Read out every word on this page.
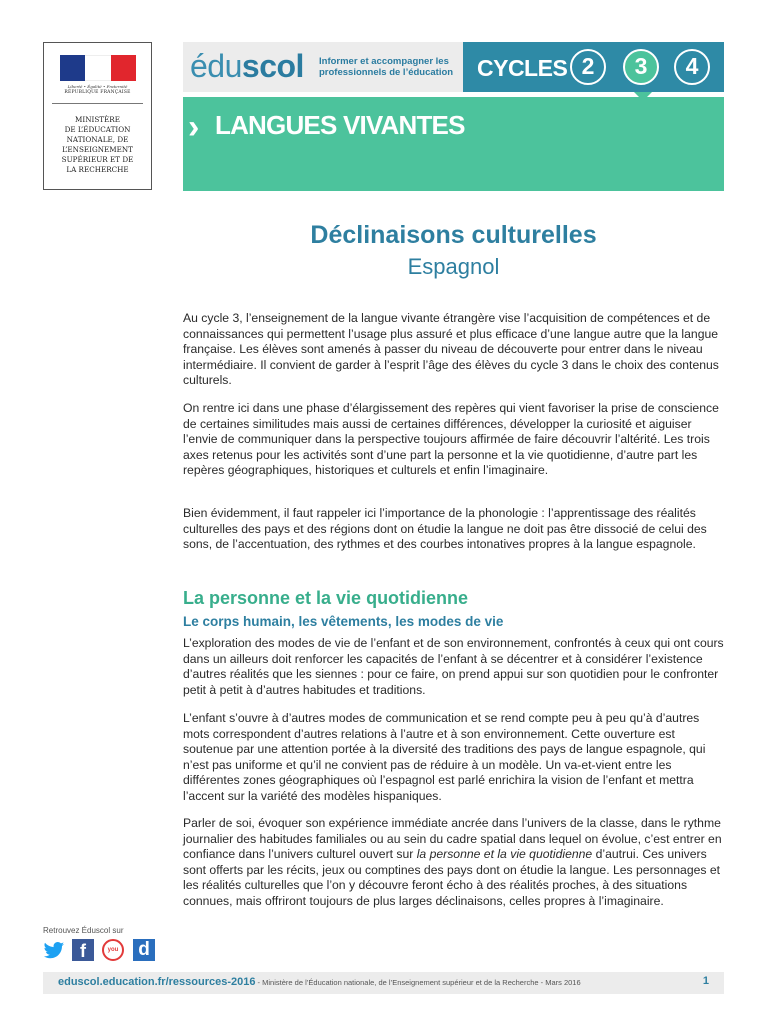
Liberté • Égalité • Fraternité
RÉPUBLIQUE FRANÇAISE
MINISTÈRE
DE L’ÉDUCATION
NATIONALE, DE
L’ENSEIGNEMENT
SUPÉRIEUR ET DE
LA RECHERCHE
éduscol Informer et accompagner les professionnels de l’éducation CYCLES 2	3	4
› LANGUES VIVANTES
Déclinaisons culturelles
Espagnol

Au cycle 3, l’enseignement de la langue vivante étrangère vise l’acquisition de compétences et de connaissances qui permettent l’usage plus assuré et plus efficace d’une langue autre que la langue française. Les élèves sont amenés à passer du niveau de découverte pour entrer dans le niveau intermédiaire. Il convient de garder à l’esprit l’âge des élèves du cycle 3 dans le choix des contenus culturels.

On rentre ici dans une phase d’élargissement des repères qui vient favoriser la prise de conscience de certaines similitudes mais aussi de certaines différences, développer la curiosité et aiguiser l’envie de communiquer dans la perspective toujours affirmée de faire découvrir l’altérité. Les trois axes retenus pour les activités sont d’une part la personne et la vie quotidienne, d’autre part les repères géographiques, historiques et culturels et enfin l’imaginaire.

Bien évidemment, il faut rappeler ici l’importance de la phonologie : l’apprentissage des réalités culturelles des pays et des régions dont on étudie la langue ne doit pas être dissocié de celui des sons, de l’accentuation, des rythmes et des courbes intonatives propres à la langue espagnole.

La personne et la vie quotidienne
Le corps humain, les vêtements, les modes de vie

L’exploration des modes de vie de l’enfant et de son environnement, confrontés à ceux qui ont cours dans un ailleurs doit renforcer les capacités de l’enfant à se décentrer et à considérer l’existence d’autres réalités que les siennes : pour ce faire, on prend appui sur son quotidien pour le confronter petit à petit à d’autres habitudes et traditions.

L’enfant s’ouvre à d’autres modes de communication et se rend compte peu à peu qu’à d’autres mots correspondent d’autres relations à l’autre et à son environnement. Cette ouverture est soutenue par une attention portée à la diversité des traditions des pays de langue espagnole, qui n’est pas uniforme et qu’il ne convient pas de réduire à un modèle. Un va-et-vient entre les différentes zones géographiques où l’espagnol est parlé enrichira la vision de l’enfant et mettra l’accent sur la variété des modèles hispaniques.

Parler de soi, évoquer son expérience immédiate ancrée dans l’univers de la classe, dans le rythme journalier des habitudes familiales ou au sein du cadre spatial dans lequel on évolue, c’est entrer en confiance dans l’univers culturel ouvert sur la personne et la vie quotidienne d’autrui. Ces univers sont offerts par les récits, jeux ou comptines des pays dont on étudie la langue. Les personnages et les réalités culturelles que l’on y découvre feront écho à des réalités proches, à des situations connues, mais offriront toujours de plus larges déclinaisons, celles propres à l’imaginaire.

Retrouvez Éduscol sur
f	you d
eduscol.education.fr/ressources-2016 - Ministère de l’Éducation nationale, de l’Enseignement supérieur et de la Recherche - Mars 2016	1
